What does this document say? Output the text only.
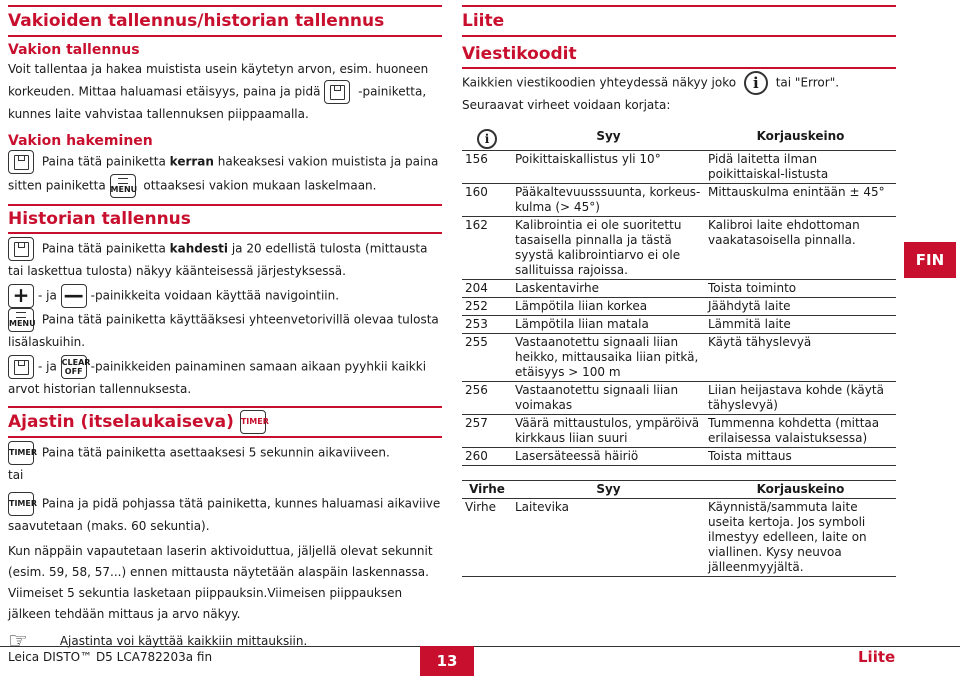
Vakioiden tallennus/historian tallennus
Vakion tallennus

Voit tallentaa ja hakea muistista usein käytetyn arvon, esim. huoneen korkeuden. Mittaa haluamasi etäisyys, paina ja pidä	-painiketta, kunnes laite vahvistaa tallennuksen piippaamalla.

Vakion hakeminen

Paina tätä painiketta kerran hakeaksesi vakion muistista ja paina sitten painiketta MENU ottaaksesi vakion mukaan laskelmaan.

Historian tallennus

Paina tätä painiketta kahdesti ja 20 edellistä tulosta (mittausta tai laskettua tulosta) näkyy käänteisessä järjestyksessä.

+ - ja — -painikkeita voidaan käyttää navigointiin.

MENU Paina tätä painiketta käyttääksesi yhteenvetorivillä olevaa tulosta lisälaskuihin.

- ja CLEAR OFF -painikkeiden painaminen samaan aikaan pyyhkii kaikki arvot historian tallennuksesta.

Ajastin (itselaukaiseva) TIMER

TIMER Paina tätä painiketta asettaaksesi 5 sekunnin aikaviiveen.

tai

TIMER Paina ja pidä pohjassa tätä painiketta, kunnes haluamasi aikaviive saavutetaan (maks. 60 sekuntia).

Kun näppäin vapautetaan laserin aktivoiduttua, jäljellä olevat sekunnit (esim. 59, 58, 57...) ennen mittausta näytetään alaspäin laskennassa.

Viimeiset 5 sekuntia lasketaan piippauksin.Viimeisen piippauksen jälkeen tehdään mittaus ja arvo näkyy.

☞	Ajastinta voi käyttää kaikkiin mittauksiin.

Liite
Viestikoodit

Kaikkien viestikoodien yhteydessä näkyy joko i tai "Error". Seuraavat virheet voidaan korjata:

i	Syy	Korjauskeino
156	Poikittaiskallistus yli 10°	Pidä laitetta ilman poikittaiskal-listusta
160	Pääkaltevuusssuunta, korkeus-kulma (> 45°)	Mittauskulma enintään ± 45°
162	Kalibrointia ei ole suoritettu tasaisella pinnalla ja tästä syystä kalibrointiarvo ei ole sallituissa rajoissa.	Kalibroi laite ehdottoman vaakatasoisella pinnalla.
204	Laskentavirhe	Toista toiminto
252	Lämpötila liian korkea	Jäähdytä laite
253	Lämpötila liian matala	Lämmitä laite
255	Vastaanotettu signaali liian heikko, mittausaika liian pitkä, etäisyys > 100 m	Käytä tähyslevyä
256	Vastaanotettu signaali liian voimakas	Liian heijastava kohde (käytä tähyslevyä)
257	Väärä mittaustulos, ympäröivä kirkkaus liian suuri	Tummenna kohdetta (mittaa erilaisessa valaistuksessa)
260	Lasersäteessä häiriö	Toista mittaus
Virhe	Syy	Korjauskeino
Virhe	Laitevika	Käynnistä/sammuta laite useita kertoja. Jos symboli ilmestyy edelleen, laite on viallinen. Kysy neuvoa jälleenmyyjältä.
FIN
Leica DISTO™ D5 LCA782203a fin	13	Liite
